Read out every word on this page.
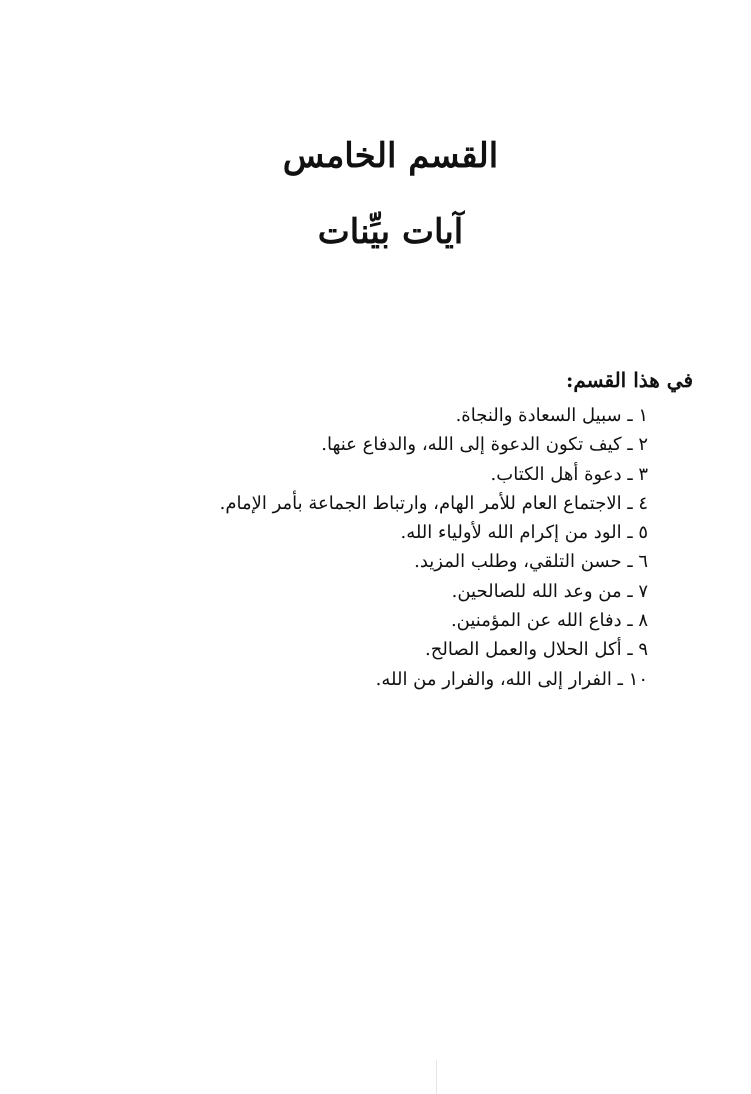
القسم الخامس
آيات بيِّنات
في هذا القسم:
١ ـ سبيل السعادة والنجاة.
٢ ـ كيف تكون الدعوة إلى الله، والدفاع عنها.
٣ ـ دعوة أهل الكتاب.
٤ ـ الاجتماع العام للأمر الهام، وارتباط الجماعة بأمر الإمام.
٥ ـ الود من إكرام الله لأولياء الله.
٦ ـ حسن التلقي، وطلب المزيد.
٧ ـ من وعد الله للصالحين.
٨ ـ دفاع الله عن المؤمنين.
٩ ـ أكل الحلال والعمل الصالح.
١٠ ـ الفرار إلى الله، والفرار من الله.
